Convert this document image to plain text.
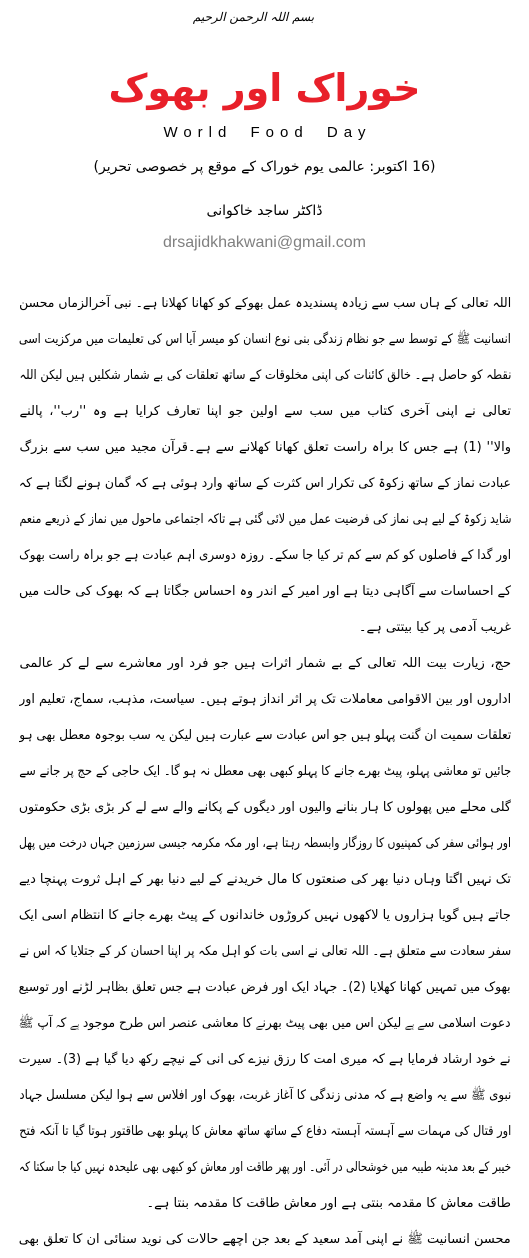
بسم اللہ الرحمن الرحیم
خوراک اور بھوک
World Food Day
(16 اکتوبر: عالمی یوم خوراک کے موقع پر خصوصی تحریر)
ڈاکٹر ساجد خاکوانی
drsajidkhakwani@gmail.com
اللہ تعالی کے ہاں سب سے زیادہ پسندیدہ عمل بھوکے کو کھانا کھلانا ہے۔ نبی آخرالزماں محسن
انسانیت ﷺ کے توسط سے جو نظام زندگی بنی نوع انسان کو میسر آیا اس کی تعلیمات میں مرکزیت اسی
نقطہ کو حاصل ہے۔ خالق کائنات کی اپنی مخلوقات کے ساتھ تعلقات کی بے شمار شکلیں ہیں لیکن اللہ
تعالی نے اپنی آخری کتاب میں سب سے اولین جو اپنا تعارف کرایا ہے وہ ''رب''، پالنے
والا'' (1) ہے جس کا براہ راست تعلق کھانا کھلانے سے ہے۔قرآن مجید میں سب سے بزرگ
عبادت نماز کے ساتھ زکوۃ کی تکرار اس کثرت کے ساتھ وارد ہوئی ہے کہ گمان ہونے لگتا ہے کہ
شاید زکوۃ کے لیے ہی نماز کی فرضیت عمل میں لائی گئی ہے تاکہ اجتماعی ماحول میں نماز کے ذریعے منعم
اور گدا کے فاصلوں کو کم سے کم تر کیا جا سکے۔ روزہ دوسری اہم عبادت ہے جو براہ راست بھوک
کے احساسات سے آگاہی دیتا ہے اور امیر کے اندر وہ احساس جگاتا ہے کہ بھوک کی حالت میں
غریب آدمی پر کیا بیتتی ہے۔
حج، زیارت بیت اللہ تعالی کے بے شمار اثرات ہیں جو فرد اور معاشرے سے لے کر عالمی
اداروں اور بین الاقوامی معاملات تک پر اثر انداز ہوتے ہیں۔ سیاست، مذہب، سماج، تعلیم اور
تعلقات سمیت ان گنت پہلو ہیں جو اس عبادت سے عبارت ہیں لیکن یہ سب بوجوہ معطل بھی ہو
جائیں تو معاشی پہلو، پیٹ بھرے جانے کا پہلو کبھی بھی معطل نہ ہو گا۔ ایک حاجی کے حج پر جانے سے
گلی محلے میں پھولوں کا ہار بنانے والیوں اور دیگوں کے پکانے والے سے لے کر بڑی بڑی حکومتوں
اور ہوائی سفر کی کمپنیوں کا روزگار وابسطہ رہتا ہے، اور مکہ مکرمہ جیسی سرزمین جہاں درخت میں پھل
تک نہیں اگتا وہاں دنیا بھر کی صنعتوں کا مال خریدنے کے لیے دنیا بھر کے اہل ثروت پہنچا دیے
جاتے ہیں گویا ہزاروں یا لاکھوں نہیں کروڑوں خاندانوں کے پیٹ بھرے جانے کا انتظام اسی ایک
سفر سعادت سے متعلق ہے۔ اللہ تعالی نے اسی بات کو اہل مکہ پر اپنا احسان کر کے جتلایا کہ اس نے
بھوک میں تمہیں کھانا کھلایا (2)۔ جہاد ایک اور فرض عبادت ہے جس تعلق بظاہر لڑنے اور توسیع
دعوت اسلامی سے ہے لیکن اس میں بھی پیٹ بھرنے کا معاشی عنصر اس طرح موجود ہے کہ آپ ﷺ
نے خود ارشاد فرمایا ہے کہ میری امت کا رزق نیزے کی انی کے نیچے رکھ دیا گیا ہے (3)۔ سیرت
نبوی ﷺ سے یہ واضع ہے کہ مدنی زندگی کا آغاز غربت، بھوک اور افلاس سے ہوا لیکن مسلسل جہاد
اور قتال کی مہمات سے آہستہ آہستہ دفاع کے ساتھ ساتھ معاش کا پہلو بھی طاقتور ہوتا گیا تا آنکہ فتح
خیبر کے بعد مدینہ طیبہ میں خوشحالی در آئی۔ اور پھر طاقت اور معاش کو کبھی بھی علیحدہ نہیں کیا جا سکتا کہ
طاقت معاش کا مقدمہ بنتی ہے اور معاش طاقت کا مقدمہ بنتا ہے۔
محسن انسانیت ﷺ نے اپنی آمد سعید کے بعد جن اچھے حالات کی نوید سنائی ان کا تعلق بھی
